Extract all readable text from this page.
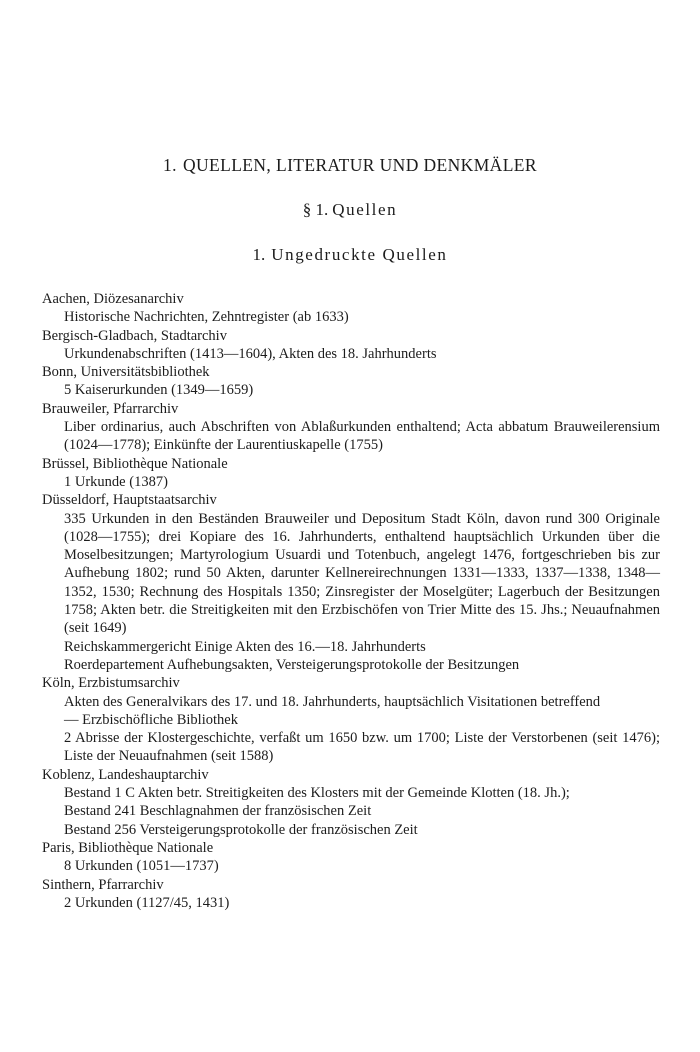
1. QUELLEN, LITERATUR UND DENKMÄLER
§ 1. Quellen
1. Ungedruckte Quellen
Aachen, Diözesanarchiv
Historische Nachrichten, Zehntregister (ab 1633)
Bergisch-Gladbach, Stadtarchiv
Urkundenabschriften (1413—1604), Akten des 18. Jahrhunderts
Bonn, Universitätsbibliothek
5 Kaiserurkunden (1349—1659)
Brauweiler, Pfarrarchiv
Liber ordinarius, auch Abschriften von Ablaßurkunden enthaltend; Acta abbatum Brauweilerensium (1024—1778); Einkünfte der Laurentiuskapelle (1755)
Brüssel, Bibliothèque Nationale
1 Urkunde (1387)
Düsseldorf, Hauptstaatsarchiv
335 Urkunden in den Beständen Brauweiler und Depositum Stadt Köln, davon rund 300 Originale (1028—1755); drei Kopiare des 16. Jahrhunderts, enthaltend hauptsächlich Urkunden über die Moselbesitzungen; Martyrologium Usuardi und Totenbuch, angelegt 1476, fortgeschrieben bis zur Aufhebung 1802; rund 50 Akten, darunter Kellnereirechnungen 1331—1333, 1337—1338, 1348—1352, 1530; Rechnung des Hospitals 1350; Zinsregister der Moselgüter; Lagerbuch der Besitzungen 1758; Akten betr. die Streitigkeiten mit den Erzbischöfen von Trier Mitte des 15. Jhs.; Neuaufnahmen (seit 1649)
Reichskammergericht Einige Akten des 16.—18. Jahrhunderts
Roerdepartement Aufhebungsakten, Versteigerungsprotokolle der Besitzungen
Köln, Erzbistumsarchiv
Akten des Generalvikars des 17. und 18. Jahrhunderts, hauptsächlich Visitationen betreffend
— Erzbischöfliche Bibliothek
2 Abrisse der Klostergeschichte, verfaßt um 1650 bzw. um 1700; Liste der Verstorbenen (seit 1476); Liste der Neuaufnahmen (seit 1588)
Koblenz, Landeshauptarchiv
Bestand 1 C Akten betr. Streitigkeiten des Klosters mit der Gemeinde Klotten (18. Jh.);
Bestand 241 Beschlagnahmen der französischen Zeit
Bestand 256 Versteigerungsprotokolle der französischen Zeit
Paris, Bibliothèque Nationale
8 Urkunden (1051—1737)
Sinthern, Pfarrarchiv
2 Urkunden (1127/45, 1431)
